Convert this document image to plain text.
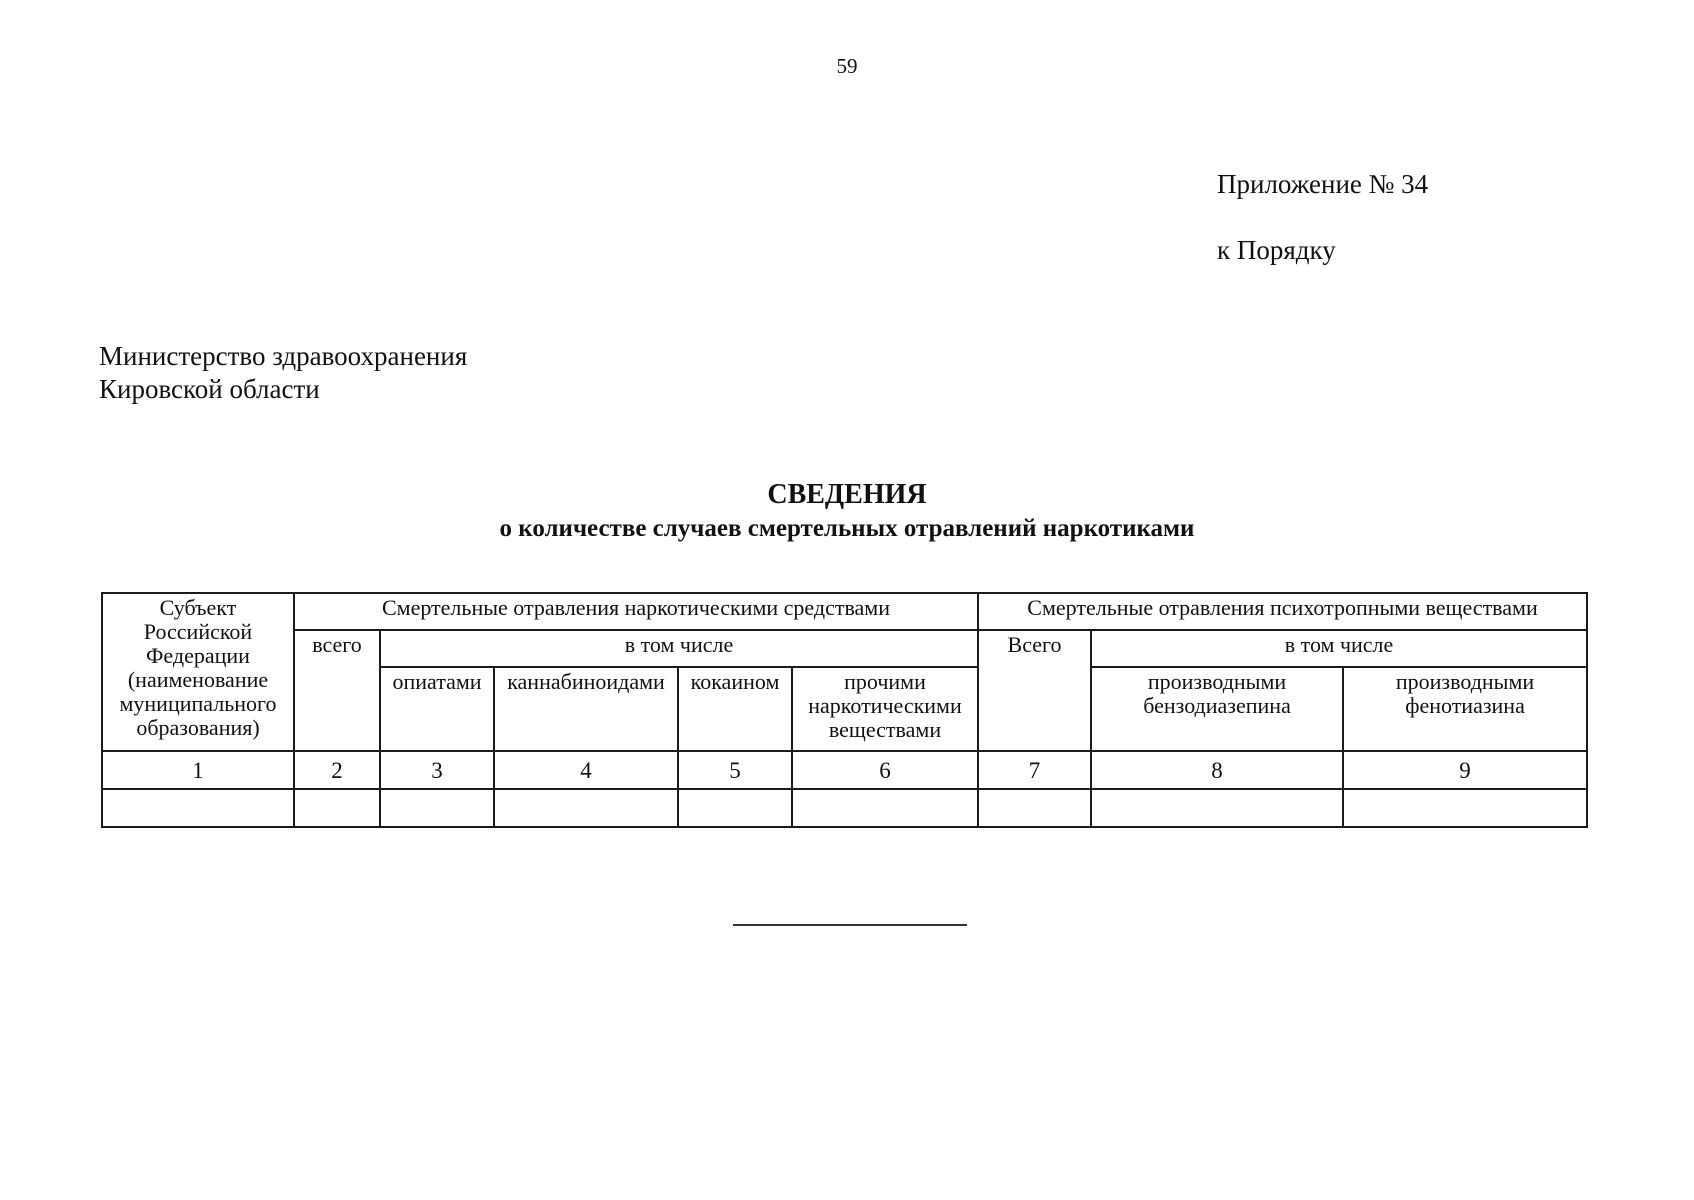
59
Приложение № 34
к Порядку
Министерство здравоохранения
Кировской области
СВЕДЕНИЯ
о количестве случаев смертельных отравлений наркотиками
Субъект Российской Федерации (наименование муниципального образования)	Смертельные отравления наркотическими средствами					Смертельные отравления психотропными веществами		
	всего	в том числе				Всего	в том числе	
		опиатами	каннабиноидами	кокаином	прочими наркотическими веществами		производными бензодиазепина	производными фенотиазина
1	2	3	4	5	6	7	8	9
